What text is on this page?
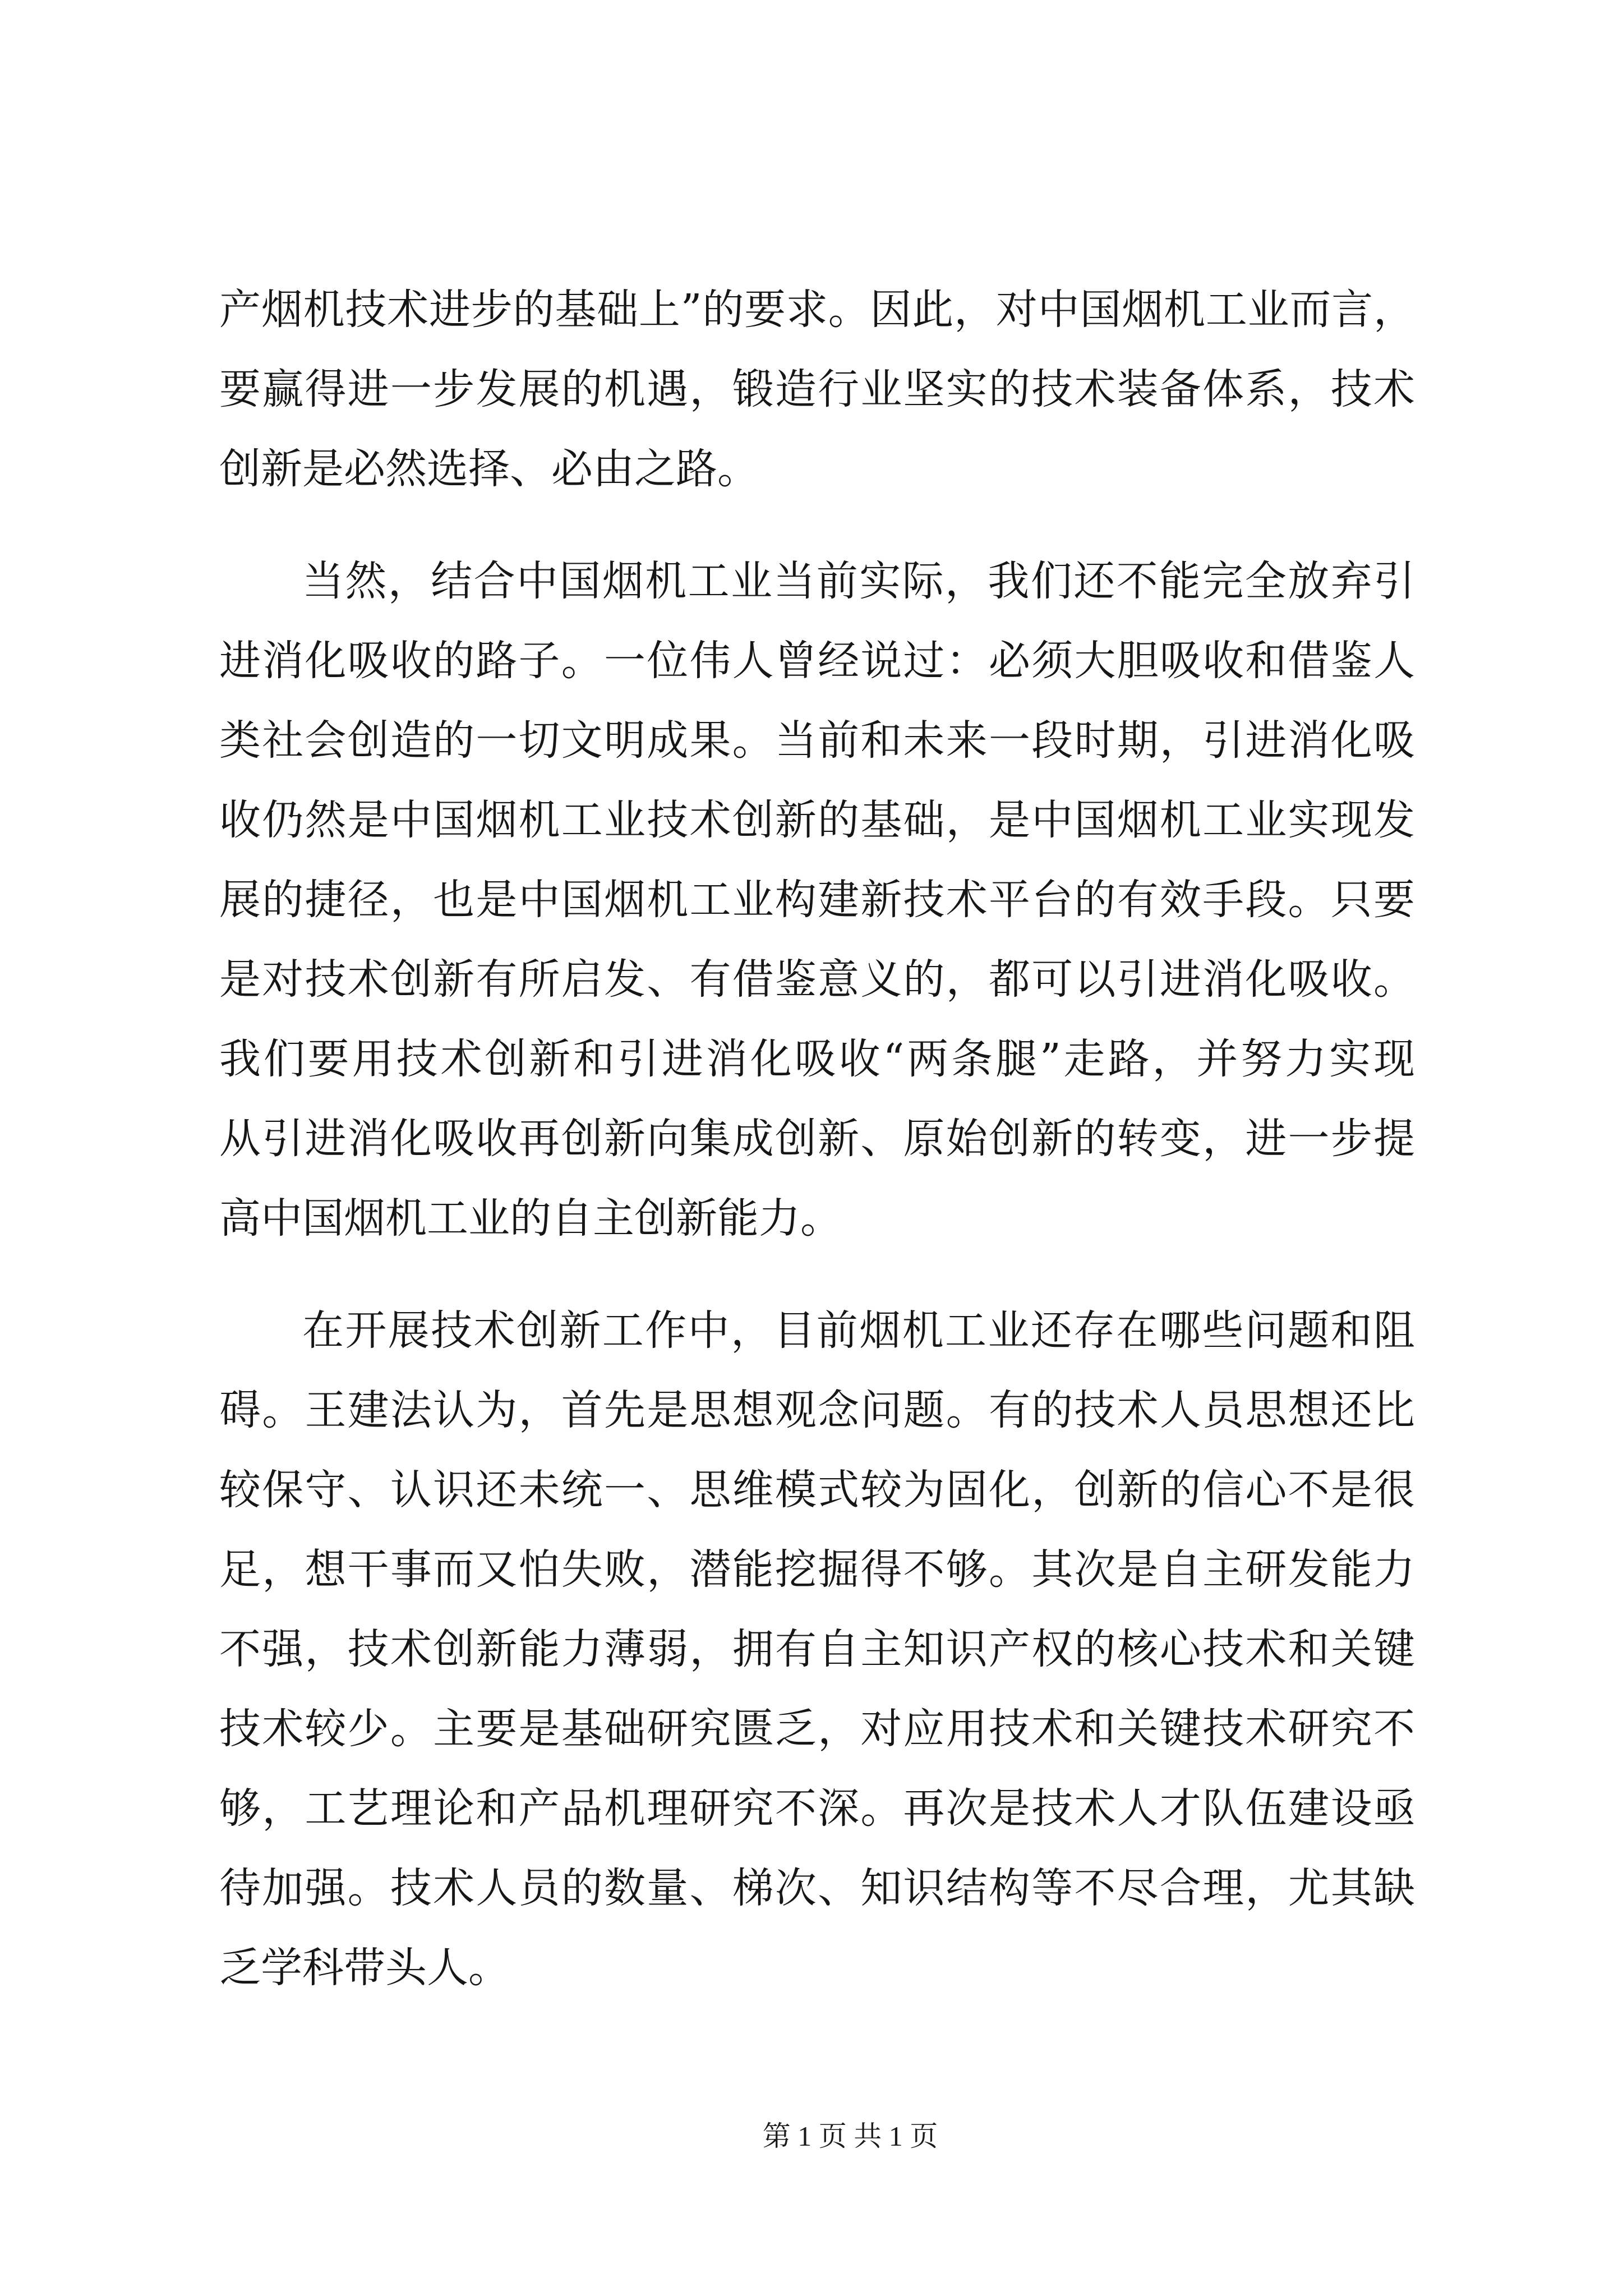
产烟机技术进步的基础上”的要求。因此，对中国烟机工业而言，
要赢得进一步发展的机遇，锻造行业坚实的技术装备体系，技术
创新是必然选择、必由之路。
当然，结合中国烟机工业当前实际，我们还不能完全放弃引
进消化吸收的路子。一位伟人曾经说过：必须大胆吸收和借鉴人
类社会创造的一切文明成果。当前和未来一段时期，引进消化吸
收仍然是中国烟机工业技术创新的基础，是中国烟机工业实现发
展的捷径，也是中国烟机工业构建新技术平台的有效手段。只要
是对技术创新有所启发、有借鉴意义的，都可以引进消化吸收。
我们要用技术创新和引进消化吸收“两条腿”走路，并努力实现
从引进消化吸收再创新向集成创新、原始创新的转变，进一步提
高中国烟机工业的自主创新能力。
在开展技术创新工作中，目前烟机工业还存在哪些问题和阻
碍。王建法认为，首先是思想观念问题。有的技术人员思想还比
较保守、认识还未统一、思维模式较为固化，创新的信心不是很
足，想干事而又怕失败，潜能挖掘得不够。其次是自主研发能力
不强，技术创新能力薄弱，拥有自主知识产权的核心技术和关键
技术较少。主要是基础研究匮乏，对应用技术和关键技术研究不
够，工艺理论和产品机理研究不深。再次是技术人才队伍建设亟
待加强。技术人员的数量、梯次、知识结构等不尽合理，尤其缺
乏学科带头人。
第 1 页 共 1 页
